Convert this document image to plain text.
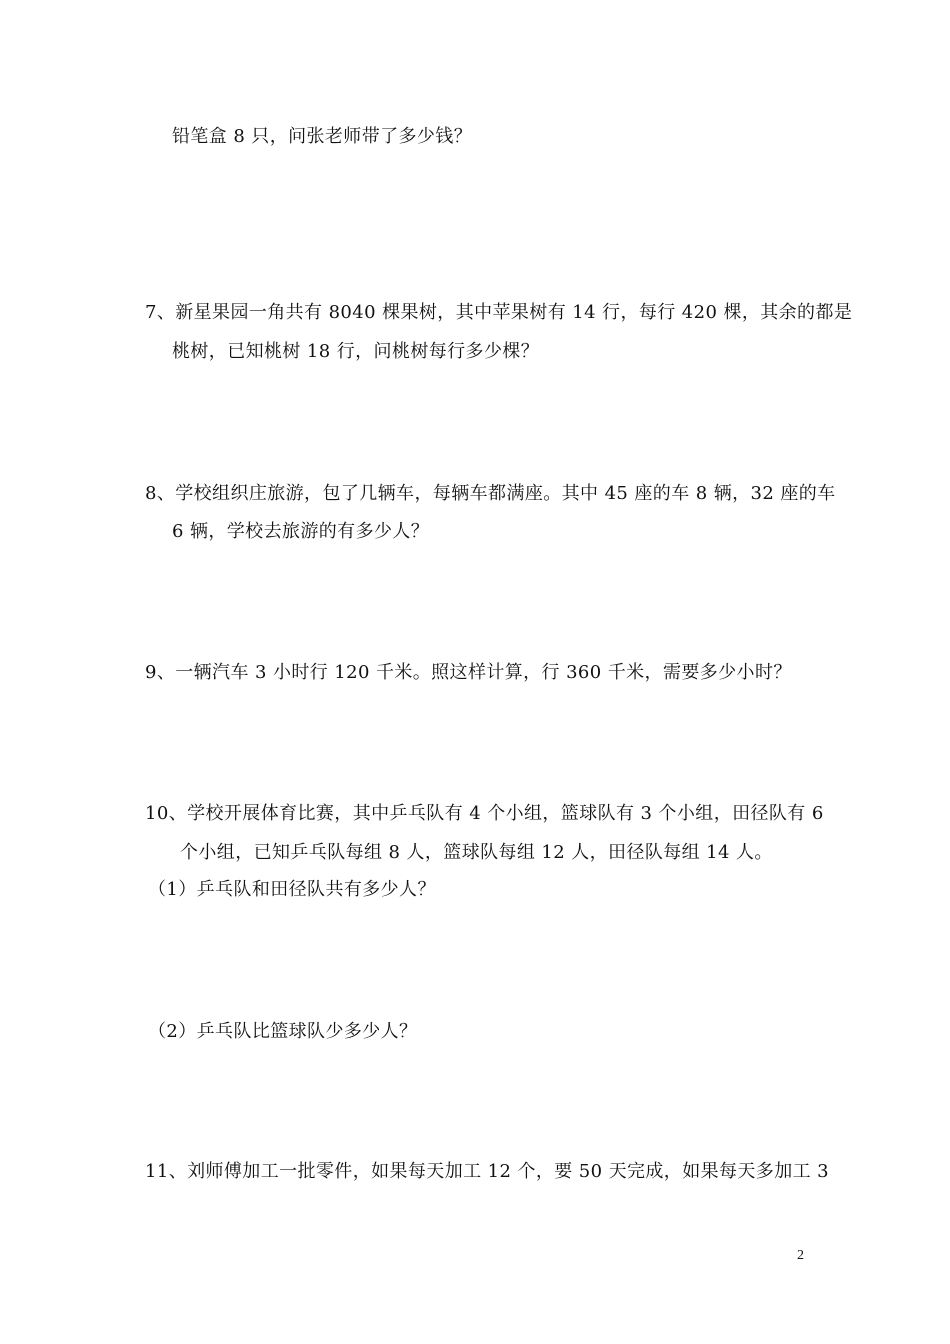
铅笔盒 8 只，问张老师带了多少钱？
7、新星果园一角共有 8040 棵果树，其中苹果树有 14 行，每行 420 棵，其余的都是
桃树，已知桃树 18 行，问桃树每行多少棵？
8、学校组织庄旅游，包了几辆车，每辆车都满座。其中 45 座的车 8 辆，32 座的车
6 辆，学校去旅游的有多少人？
9、一辆汽车 3 小时行 120 千米。照这样计算，行 360 千米，需要多少小时？
10、学校开展体育比赛，其中乒乓队有 4 个小组，篮球队有 3 个小组，田径队有 6
个小组，已知乒乓队每组 8 人，篮球队每组 12 人，田径队每组 14 人。
（1）乒乓队和田径队共有多少人？
（2）乒乓队比篮球队少多少人？
11、刘师傅加工一批零件，如果每天加工 12 个，要 50 天完成，如果每天多加工 3
2
